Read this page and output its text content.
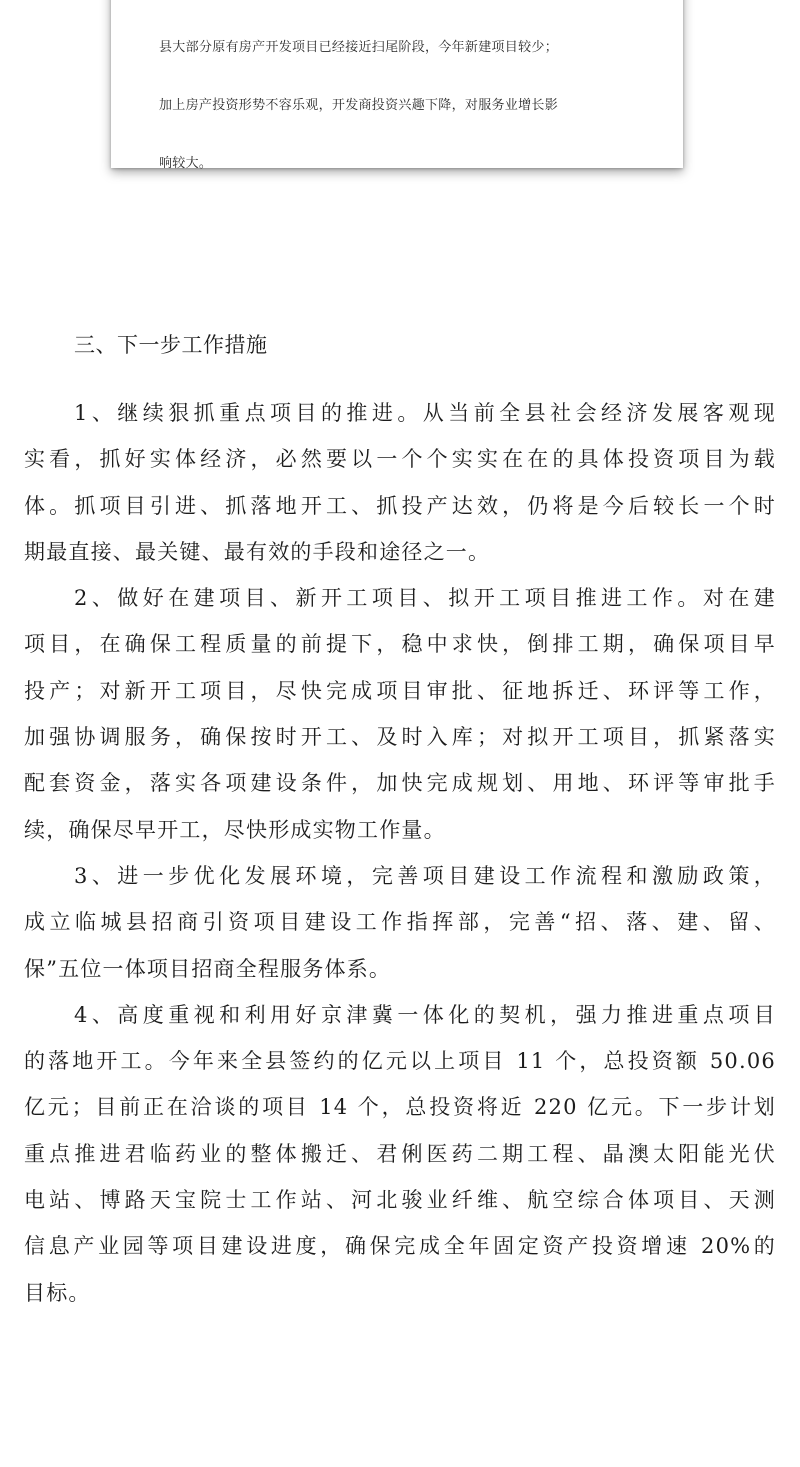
县大部分原有房产开发项目已经接近扫尾阶段，今年新建项目较少；

加上房产投资形势不容乐观，开发商投资兴趣下降，对服务业增长影

响较大。

三、下一步工作措施
1、继续狠抓重点项目的推进。从当前全县社会经济发展客观现
实看，抓好实体经济，必然要以一个个实实在在的具体投资项目为载
体。抓项目引进、抓落地开工、抓投产达效，仍将是今后较长一个时
期最直接、最关键、最有效的手段和途径之一。
2、做好在建项目、新开工项目、拟开工项目推进工作。对在建
项目，在确保工程质量的前提下，稳中求快，倒排工期，确保项目早
投产；对新开工项目，尽快完成项目审批、征地拆迁、环评等工作，
加强协调服务，确保按时开工、及时入库；对拟开工项目，抓紧落实
配套资金，落实各项建设条件，加快完成规划、用地、环评等审批手
续，确保尽早开工，尽快形成实物工作量。
3、进一步优化发展环境，完善项目建设工作流程和激励政策，
成立临城县招商引资项目建设工作指挥部，完善“招、落、建、留、
保”五位一体项目招商全程服务体系。
4、高度重视和利用好京津冀一体化的契机，强力推进重点项目
的落地开工。今年来全县签约的亿元以上项目 11 个，总投资额 50.06
亿元；目前正在洽谈的项目 14 个，总投资将近 220 亿元。下一步计划
重点推进君临药业的整体搬迁、君俐医药二期工程、晶澳太阳能光伏
电站、博路天宝院士工作站、河北骏业纤维、航空综合体项目、天测
信息产业园等项目建设进度，确保完成全年固定资产投资增速 20%的
目标。
